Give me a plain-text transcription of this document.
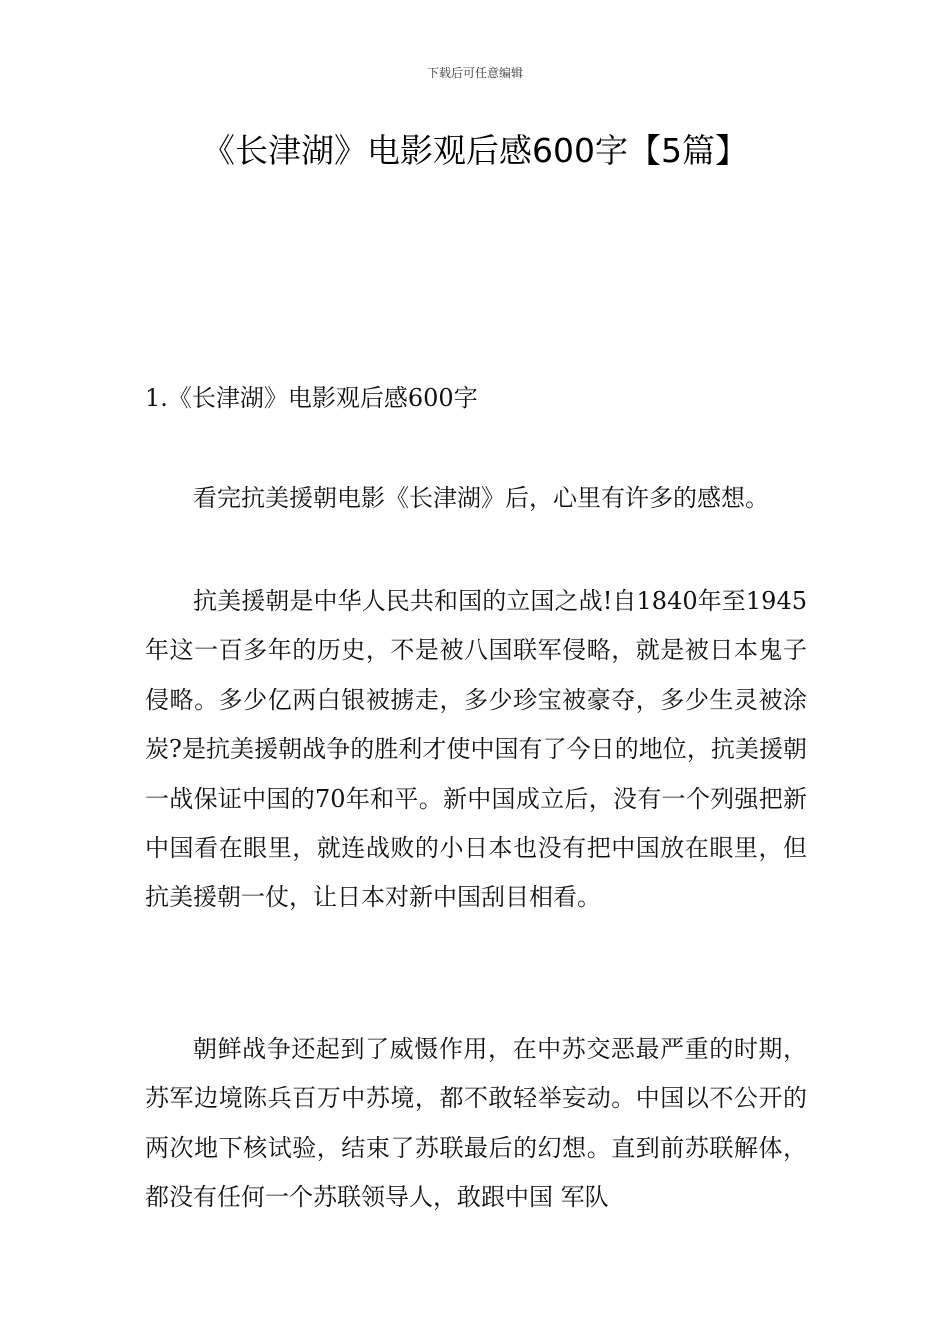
下载后可任意编辑
《长津湖》电影观后感600字【5篇】
1.《长津湖》电影观后感600字

看完抗美援朝电影《长津湖》后，心里有许多的感想。

抗美援朝是中华人民共和国的立国之战!自1840年至1945年这一百多年的历史，不是被八国联军侵略，就是被日本鬼子侵略。多少亿两白银被掳走，多少珍宝被豪夺，多少生灵被涂炭?是抗美援朝战争的胜利才使中国有了今日的地位，抗美援朝一战保证中国的70年和平。新中国成立后，没有一个列强把新中国看在眼里，就连战败的小日本也没有把中国放在眼里，但抗美援朝一仗，让日本对新中国刮目相看。

朝鲜战争还起到了威慑作用，在中苏交恶最严重的时期，苏军边境陈兵百万中苏境，都不敢轻举妄动。中国以不公开的两次地下核试验，结束了苏联最后的幻想。直到前苏联解体，都没有任何一个苏联领导人，敢跟中国 军队
